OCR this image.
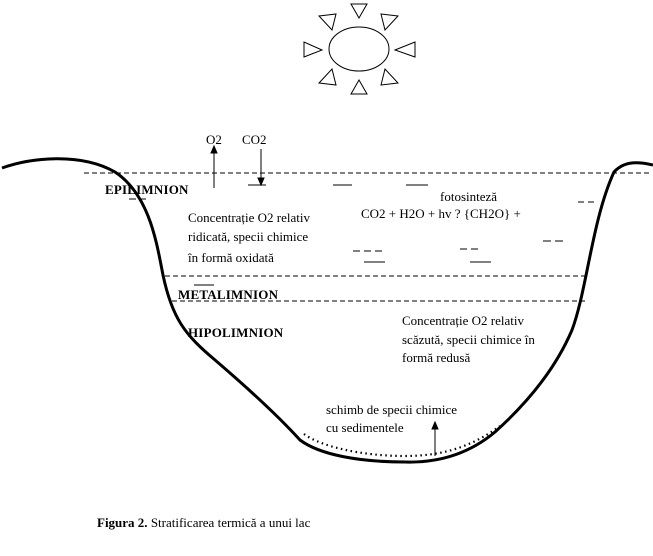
O2 CO2
EPILIMNION
METALIMNION
HIPOLIMNION
Concentrație O2 relativ
ridicată, specii chimice
în formă oxidată
fotosinteză
CO2 + H2O + hv ? {CH2O} +
Concentrație O2 relativ
scăzută, specii chimice în
formă redusă
schimb de specii chimice
cu sedimentele
Figura 2. Stratificarea termică a unui lac
